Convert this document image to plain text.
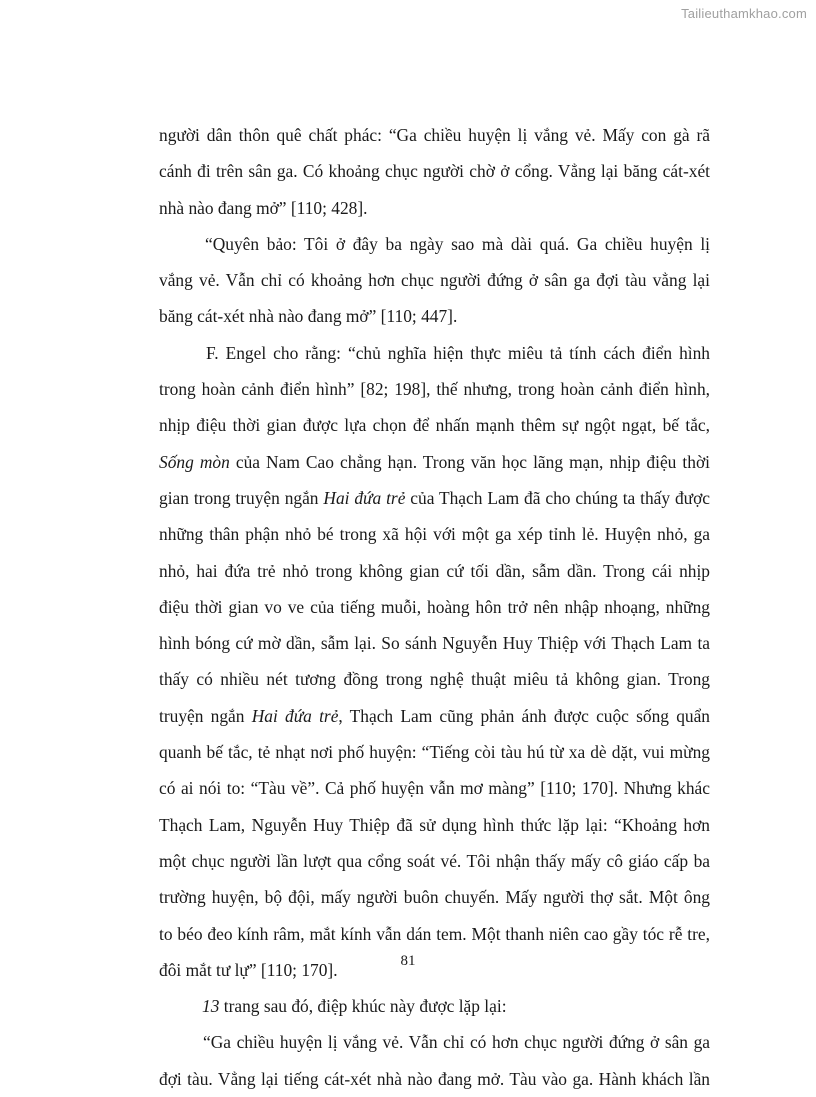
Tailieuthamkhao.com
người dân thôn quê chất phác: “Ga chiều huyện lị vắng vẻ. Mấy con gà rã
cánh đi trên sân ga. Có khoảng chục người chờ ở cổng. Vẳng lại băng cát-xét
nhà nào đang mở” [110; 428].
“Quyên bảo: Tôi ở đây ba ngày sao mà dài quá. Ga chiều huyện lị
vắng vẻ. Vẫn chỉ có khoảng hơn chục người đứng ở sân ga đợi tàu vẳng lại
băng cát-xét nhà nào đang mở” [110; 447].
F. Engel cho rằng: “chủ nghĩa hiện thực miêu tả tính cách điển hình
trong hoàn cảnh điển hình” [82; 198], thế nhưng, trong hoàn cảnh điển hình,
nhịp điệu thời gian được lựa chọn để nhấn mạnh thêm sự ngột ngạt, bế tắc,
Sống mòn của Nam Cao chẳng hạn. Trong văn học lãng mạn, nhịp điệu thời
gian trong truyện ngắn Hai đứa trẻ của Thạch Lam đã cho chúng ta thấy được
những thân phận nhỏ bé trong xã hội với một ga xép tỉnh lẻ. Huyện nhỏ, ga
nhỏ, hai đứa trẻ nhỏ trong không gian cứ tối dần, sẫm dần. Trong cái nhịp
điệu thời gian vo ve của tiếng muỗi, hoàng hôn trở nên nhập nhoạng, những
hình bóng cứ mờ dần, sẫm lại. So sánh Nguyễn Huy Thiệp với Thạch Lam ta
thấy có nhiều nét tương đồng trong nghệ thuật miêu tả không gian. Trong
truyện ngắn Hai đứa trẻ, Thạch Lam cũng phản ánh được cuộc sống quẩn
quanh bế tắc, tẻ nhạt nơi phố huyện: “Tiếng còi tàu hú từ xa dè dặt, vui mừng
có ai nói to: “Tàu về”. Cả phố huyện vẫn mơ màng” [110; 170]. Nhưng khác
Thạch Lam, Nguyễn Huy Thiệp đã sử dụng hình thức lặp lại: “Khoảng hơn
một chục người lần lượt qua cổng soát vé. Tôi nhận thấy mấy cô giáo cấp ba
trường huyện, bộ đội, mấy người buôn chuyến. Mấy người thợ sắt. Một ông
to béo đeo kính râm, mắt kính vẫn dán tem. Một thanh niên cao gầy tóc rễ tre,
đôi mắt tư lự” [110; 170].
13 trang sau đó, điệp khúc này được lặp lại:
“Ga chiều huyện lị vắng vẻ. Vẫn chỉ có hơn chục người đứng ở sân ga
đợi tàu. Vẳng lại tiếng cát-xét nhà nào đang mở. Tàu vào ga. Hành khách lần
81
